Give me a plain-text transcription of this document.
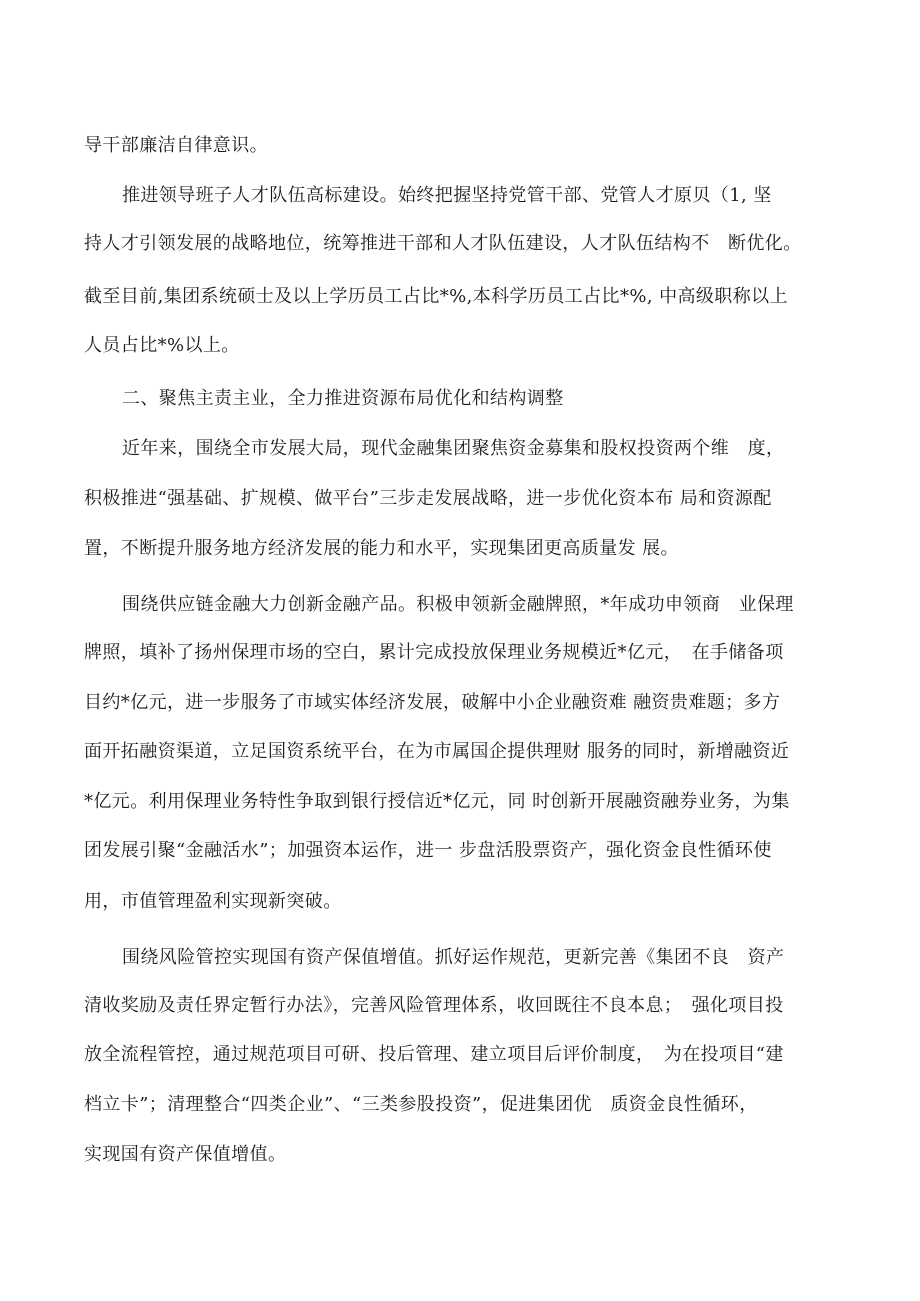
导干部廉洁自律意识。
推进领导班子人才队伍高标建设。始终把握坚持党管干部、党管人才原贝（1, 坚
持人才引领发展的战略地位，统筹推进干部和人才队伍建设，人才队伍结构不　断优化。
截至目前,集团系统硕士及以上学历员工占比*%,本科学历员工占比*%, 中高级职称以上
人员占比*%以上。
二、聚焦主责主业，全力推进资源布局优化和结构调整
近年来，围绕全市发展大局，现代金融集团聚焦资金募集和股权投资两个维　度，
积极推进“强基础、扩规模、做平台”三步走发展战略，进一步优化资本布 局和资源配
置，不断提升服务地方经济发展的能力和水平，实现集团更高质量发 展。
围绕供应链金融大力创新金融产品。积极申领新金融牌照，*年成功申领商　业保理
牌照，填补了扬州保理市场的空白，累计完成投放保理业务规模近*亿元，　在手储备项
目约*亿元，进一步服务了市域实体经济发展，破解中小企业融资难 融资贵难题；多方
面开拓融资渠道，立足国资系统平台，在为市属国企提供理财 服务的同时，新增融资近
*亿元。利用保理业务特性争取到银行授信近*亿元，同 时创新开展融资融券业务，为集
团发展引聚“金融活水”；加强资本运作，进一 步盘活股票资产，强化资金良性循环使
用，市值管理盈利实现新突破。
围绕风险管控实现国有资产保值增值。抓好运作规范，更新完善《集团不良　资产
清收奖励及责任界定暂行办法》，完善风险管理体系，收回既往不良本息；　强化项目投
放全流程管控，通过规范项目可研、投后管理、建立项目后评价制度，　为在投项目“建
档立卡”；清理整合“四类企业”、“三类参股投资”，促进集团优　质资金良性循环，
实现国有资产保值增值。
